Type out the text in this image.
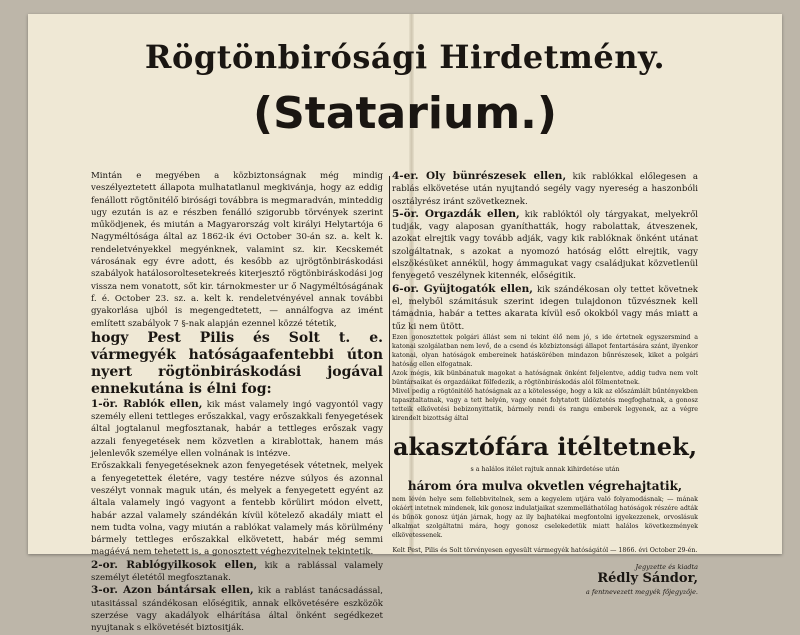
Rögtönbirósági Hirdetmény.
(Statarium.)

Mintán e megyében a közbiztonságnak még mindig veszélyeztetett állapota mulhatatlanul megkivánja, hogy az eddig fenállott rögtönitélő birósági továbbra is megmaradván, minteddig ugy ezután is az e részben fenálló szigorubb törvények szerint működjenek, és miután a Magyarország volt királyi Helytartója 6 Nagyméltósága által az 1862-ik évi October 30-án sz. a. kelt k. rendeletvényekkel megyénknek, valamint sz. kir. Kecskemét városának egy évre adott, és kesőbb az ujrögtönbiráskodási szabályok hatálosoroltesetekreés kiterjesztő rögtönbiráskodási jog vissza nem vonatott, sőt kir. tárnokmester ur ő Nagyméltóságának f. é. October 23. sz. a. kelt k. rendeletvényével annak további gyakorlása ujból is megengedtetett, — annálfogva az imént említett szabályok 7 §-nak alapján ezennel közzé tétetik,

hogy Pest Pilis és Solt t. e. vármegyék hatóságaafentebbi úton nyert rögtönbiráskodási jogával ennekutána is élni fog:

1-ör. Rablók ellen, kik mást valamely ingó vagyontól vagy személy elleni tettleges erőszakkal, vagy erőszakkali fenyegetések által jogtalanul megfosztanak, habár a tettleges erőszak vagy azzali fenyegetések nem közvetlen a kirablottak, hanem más jelenlevők személye ellen volnának is intézve.

Erőszakkali fenyegetéseknek azon fenyegetések vétetnek, melyek a fenyegetettek életére, vagy testére nézve súlyos és azonnal veszélyt vonnak maguk után, és melyek a fenyegetett egyént az általa valamely ingó vagyont a fentebb körülirt módon elvett, habár azzal valamely szándékán kívül kötelező akadály miatt el nem tudta volna, vagy miután a rablókat valamely más körülmény bármely tettleges erőszakkal elkövetett, habár még semmi magáévá nem tehetett is, a gonosztett véghezvitelnek tekintetik.

2-or. Rablógyilkosok ellen, kik a rablással valamely személyt életétől megfosztanak.

3-or. Azon bántársak ellen, kik a rablást tanácsadással, utasitással szándékosan előségitik, annak elkövetésére eszközök szerzése vagy akadályok elhárítása által önként segédkezet nyujtanak s elkövetését biztositják.

4-er. Oly bünrészesek ellen, kik rablókkal előlegesen a rablás elkövetése után nyujtandó segély vagy nyereség a haszonbóli osztályrész iránt szövetkeznek.

5-ör. Orgazdák ellen, kik rablóktól oly tárgyakat, melyekről tudják, vagy alaposan gyaníthatták, hogy rabolattak, átveszenek, azokat elrejtik vagy tovább adják, vagy kik rablóknak önként utánat szolgáltatnak, s azokat a nyomozó hatóság előtt elrejtik, vagy elszökésüket annékül, hogy ámmagukat vagy családjukat közvetlenül fenyegető veszélynek kitennék, előségitik.

6-or. Gyüjtogatók ellen, kik szándékosan oly tettet követnek el, melyből számitásuk szerint idegen tulajdonon tűzvésznek kell támadnia, habár a tettes akarata kívül eső okokból vagy más miatt a tűz ki nem ütött.

Ezen gonosztettek polgári állást sem ni tekint élő nem jó, s ide értetnek egyszersmind a katonai szolgálatban nem levő, de a csend és közbiztonsági állapot fentartására szánt, ilyenkor katonai, olyan hatóságok embereinek hatáskörében mindazon bűnrészesek, kiket a polgári hatóság ellen elfogatnak.

Azok mégis, kik bünbánatuk magokat a hatóságnak önként feljelentve, addig tudva nem volt büntársaikat és orgazdáikat fölfedezik, a rögtönbiráskodás alól fölmentetnek.

Mivel pedig a rögtönitélő hatóságnak az a kötelessége, hogy a kik az előszámlált bűntényekben tapasztaltatnak, vagy a tett helyén, vagy onnét folytatott üldöztetés megfoghatnak, a gonosz tetteik elkövetési bebizonyittatik, bármely rendi és rangu emberek legyenek, az a végre kirendelt bizottság által

akasztófára itéltetnek,

s a halálos itélet rajtuk annak kihirdetése után

három óra mulva okvetlen végrehajtatik,

nem lévén helye sem fellebbvitelnek, sem a kegyelem utjára való folyamodásnak; — mának okáért intetnek mindenek, kik gonosz indulatjaikat szemmelláthatólag hatóságok részére adták és bűnök gonosz útján járnak, hogy az ily bajhatékai megfontolni igyekezzenek, orvoslásuk alkalmat szolgáltatni mára, hogy gonosz cselekedetük miatt halálos következmények elkövetessenek.

Kelt Pest, Pilis és Solt törvényesen egyesült vármegyék hatóságától — 1866. évi October 29-én.

Jegyzette és kiadta
Rédly Sándor,
a fentnevezett megyék főjegyzője.
